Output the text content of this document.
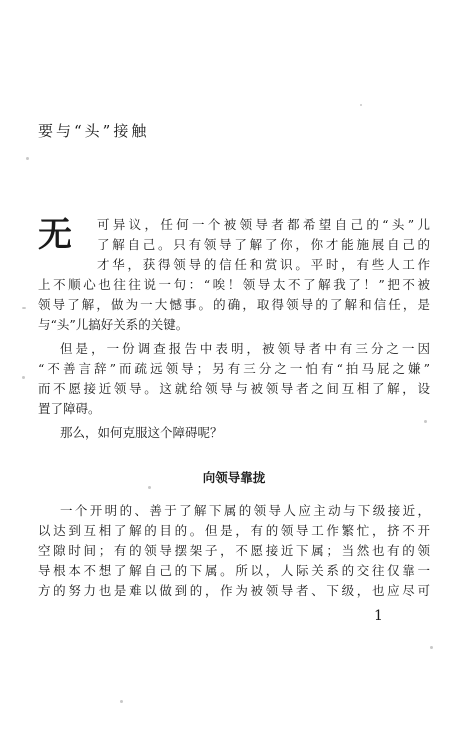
要与“头”接触
无	可异议，任何一个被领导者都希望自己的“头”儿
了解自己。只有领导了解了你，你才能施展自己的
才华，获得领导的信任和赏识。平时，有些人工作
上不顺心也往往说一句：“唉！领导太不了解我了！”把不被
领导了解，做为一大憾事。的确，取得领导的了解和信任，是
与“头”儿搞好关系的关键。
但是，一份调查报告中表明，被领导者中有三分之一因
“不善言辞”而疏远领导；另有三分之一怕有“拍马屁之嫌”
而不愿接近领导。这就给领导与被领导者之间互相了解，设
置了障碍。
那么，如何克服这个障碍呢？
向领导靠拢
一个开明的、善于了解下属的领导人应主动与下级接近，
以达到互相了解的目的。但是，有的领导工作繁忙，挤不开
空隙时间；有的领导摆架子，不愿接近下属；当然也有的领
导根本不想了解自己的下属。所以，人际关系的交往仅靠一
方的努力也是难以做到的，作为被领导者、下级，也应尽可
1
